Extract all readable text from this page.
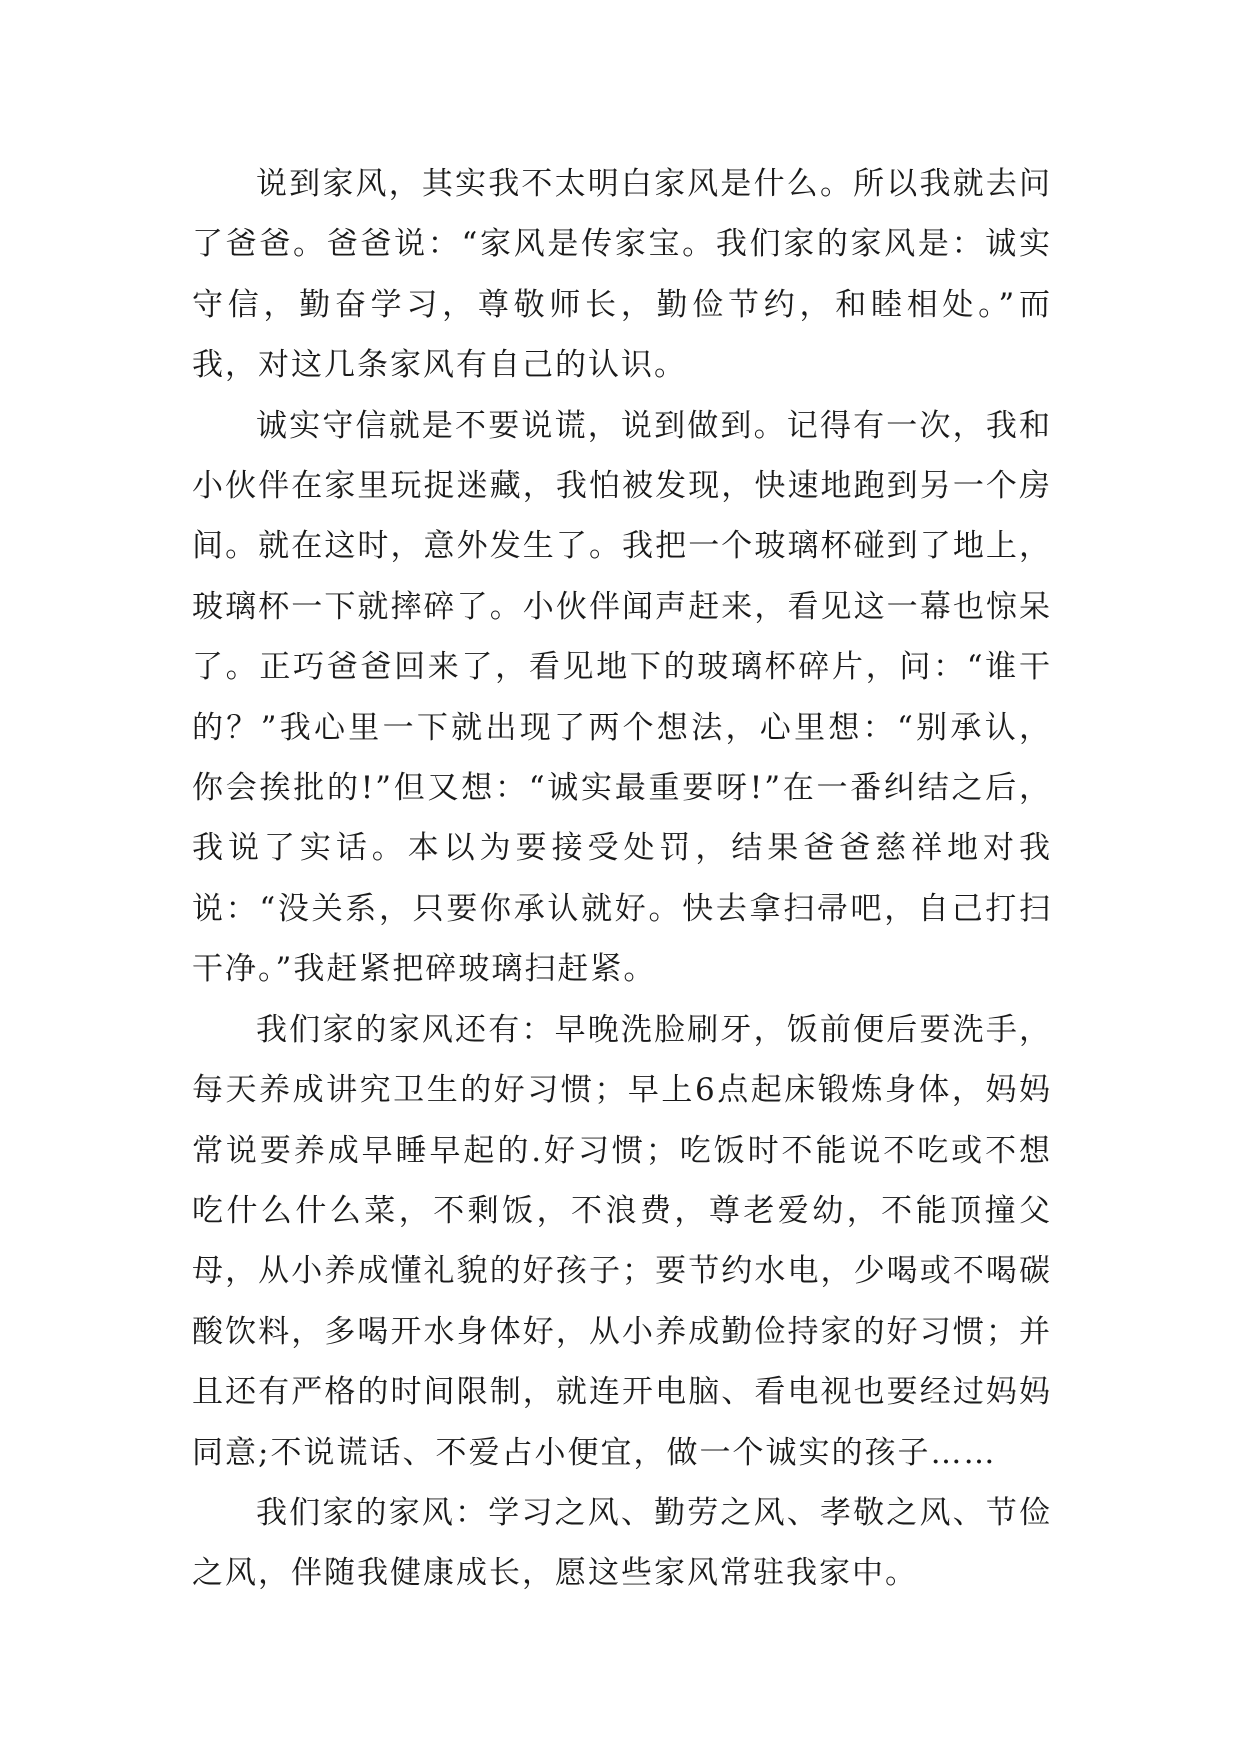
说到家风，其实我不太明白家风是什么。所以我就去问了爸爸。爸爸说：“家风是传家宝。我们家的家风是：诚实守信，勤奋学习，尊敬师长，勤俭节约，和睦相处。”而我，对这几条家风有自己的认识。

诚实守信就是不要说谎，说到做到。记得有一次，我和小伙伴在家里玩捉迷藏，我怕被发现，快速地跑到另一个房间。就在这时，意外发生了。我把一个玻璃杯碰到了地上，玻璃杯一下就摔碎了。小伙伴闻声赶来，看见这一幕也惊呆了。正巧爸爸回来了，看见地下的玻璃杯碎片，问：“谁干的？”我心里一下就出现了两个想法，心里想：“别承认，你会挨批的!”但又想：“诚实最重要呀!”在一番纠结之后，我说了实话。本以为要接受处罚，结果爸爸慈祥地对我说：“没关系，只要你承认就好。快去拿扫帚吧，自己打扫干净。”我赶紧把碎玻璃扫赶紧。

我们家的家风还有：早晚洗脸刷牙，饭前便后要洗手，每天养成讲究卫生的好习惯；早上6点起床锻炼身体，妈妈常说要养成早睡早起的.好习惯；吃饭时不能说不吃或不想吃什么什么菜，不剩饭，不浪费，尊老爱幼，不能顶撞父母，从小养成懂礼貌的好孩子；要节约水电，少喝或不喝碳酸饮料，多喝开水身体好，从小养成勤俭持家的好习惯；并且还有严格的时间限制，就连开电脑、看电视也要经过妈妈同意;不说谎话、不爱占小便宜，做一个诚实的孩子……

我们家的家风：学习之风、勤劳之风、孝敬之风、节俭之风，伴随我健康成长，愿这些家风常驻我家中。
